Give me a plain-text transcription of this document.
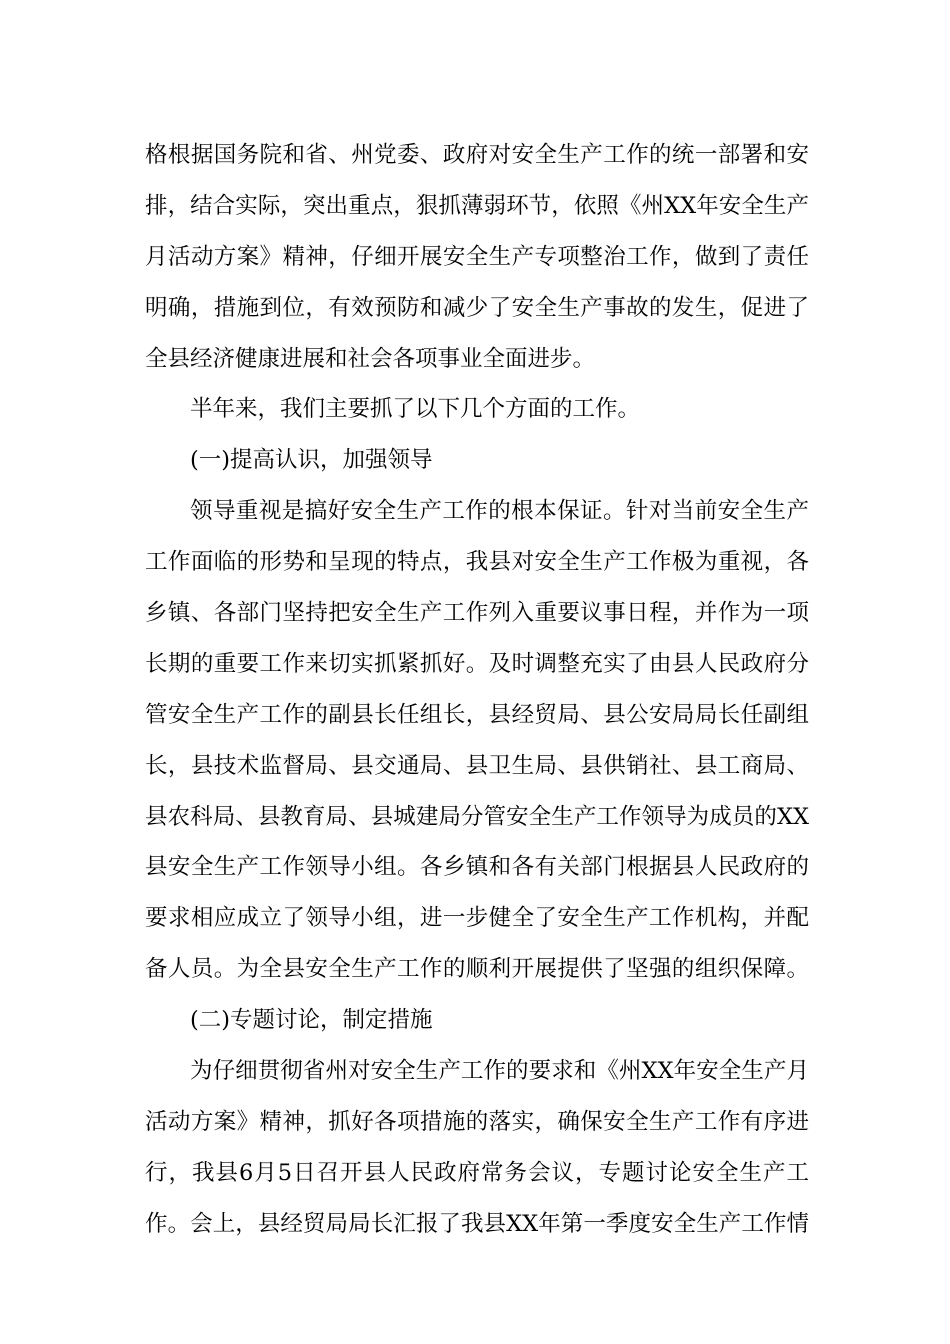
格根据国务院和省、州党委、政府对安全生产工作的统一部署和安
排，结合实际，突出重点，狠抓薄弱环节，依照《州XX年安全生产
月活动方案》精神，仔细开展安全生产专项整治工作，做到了责任
明确，措施到位，有效预防和减少了安全生产事故的发生，促进了
全县经济健康进展和社会各项事业全面进步。
半年来，我们主要抓了以下几个方面的工作。
(一)提高认识，加强领导
领导重视是搞好安全生产工作的根本保证。针对当前安全生产
工作面临的形势和呈现的特点，我县对安全生产工作极为重视，各
乡镇、各部门坚持把安全生产工作列入重要议事日程，并作为一项
长期的重要工作来切实抓紧抓好。及时调整充实了由县人民政府分
管安全生产工作的副县长任组长，县经贸局、县公安局局长任副组
长，县技术监督局、县交通局、县卫生局、县供销社、县工商局、
县农科局、县教育局、县城建局分管安全生产工作领导为成员的XX
县安全生产工作领导小组。各乡镇和各有关部门根据县人民政府的
要求相应成立了领导小组，进一步健全了安全生产工作机构，并配
备人员。为全县安全生产工作的顺利开展提供了坚强的组织保障。
(二)专题讨论，制定措施
为仔细贯彻省州对安全生产工作的要求和《州XX年安全生产月
活动方案》精神，抓好各项措施的落实，确保安全生产工作有序进
行，我县6月5日召开县人民政府常务会议，专题讨论安全生产工
作。会上，县经贸局局长汇报了我县XX年第一季度安全生产工作情
